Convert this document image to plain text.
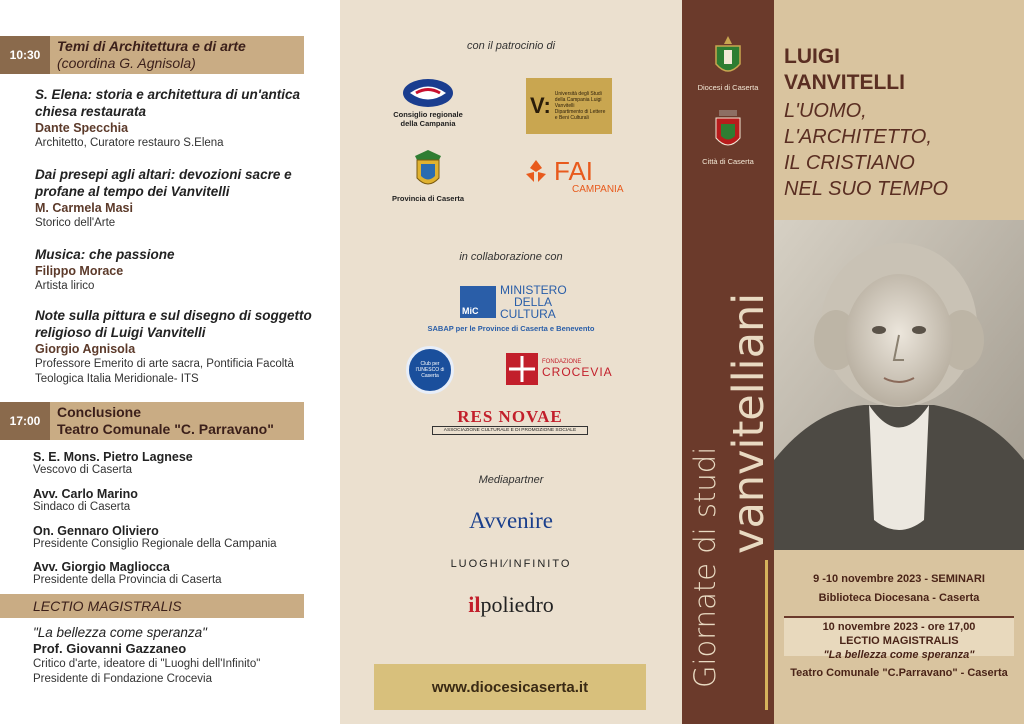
10:30
Temi di Architettura e di arte
(coordina G. Agnisola)
S. Elena: storia e architettura di un'antica
chiesa restaurata
Dante Specchia
Architetto, Curatore restauro S.Elena
Dai presepi agli altari: devozioni sacre e
profane al tempo dei Vanvitelli
M. Carmela Masi
Storico dell'Arte
Musica: che passione
Filippo Morace
Artista lirico
Note sulla pittura e sul disegno di soggetto
religioso di Luigi Vanvitelli
Giorgio Agnisola
Professore Emerito di arte sacra, Pontificia Facoltà
Teologica Italia Meridionale- ITS
17:00
Conclusione
Teatro Comunale "C. Parravano"
S. E. Mons. Pietro Lagnese
Vescovo di Caserta
Avv. Carlo Marino
Sindaco di Caserta
On. Gennaro Oliviero
Presidente Consiglio Regionale della Campania
Avv. Giorgio Magliocca
Presidente della Provincia di Caserta
LECTIO MAGISTRALIS
"La bellezza come speranza"
Prof. Giovanni Gazzaneo
Critico d'arte, ideatore di "Luoghi dell'Infinito"
Presidente di Fondazione Crocevia
con il patrocinio di
Consiglio regionale della Campania
V: Università degli Studi della Campania Luigi Vanvitelli
Dipartimento di Lettere e Beni Culturali
Provincia di Caserta
FAI
CAMPANIA
in collaborazione con
MiC
MINISTERO
DELLA
CULTURA
SABAP per le Province di Caserta e Benevento
Club per l'UNESCO di Caserta
FONDAZIONE
CROCEVIA
RES NOVAE
ASSOCIAZIONE CULTURALE E DI PROMOZIONE SOCIALE
Mediapartner
Avvenire
LUOGHI∕INFINITO
ilpoliedro
www.diocesicaserta.it
Diocesi di Caserta
Città di Caserta
Giornate di studi
vanvitelliani
LUIGI
VANVITELLI
L'UOMO,
L'ARCHITETTO,
IL CRISTIANO
NEL SUO TEMPO
9 -10 novembre 2023 - SEMINARI
Biblioteca Diocesana - Caserta
10 novembre 2023 - ore 17,00
LECTIO MAGISTRALIS
"La bellezza come speranza"
Teatro Comunale "C.Parravano" - Caserta
